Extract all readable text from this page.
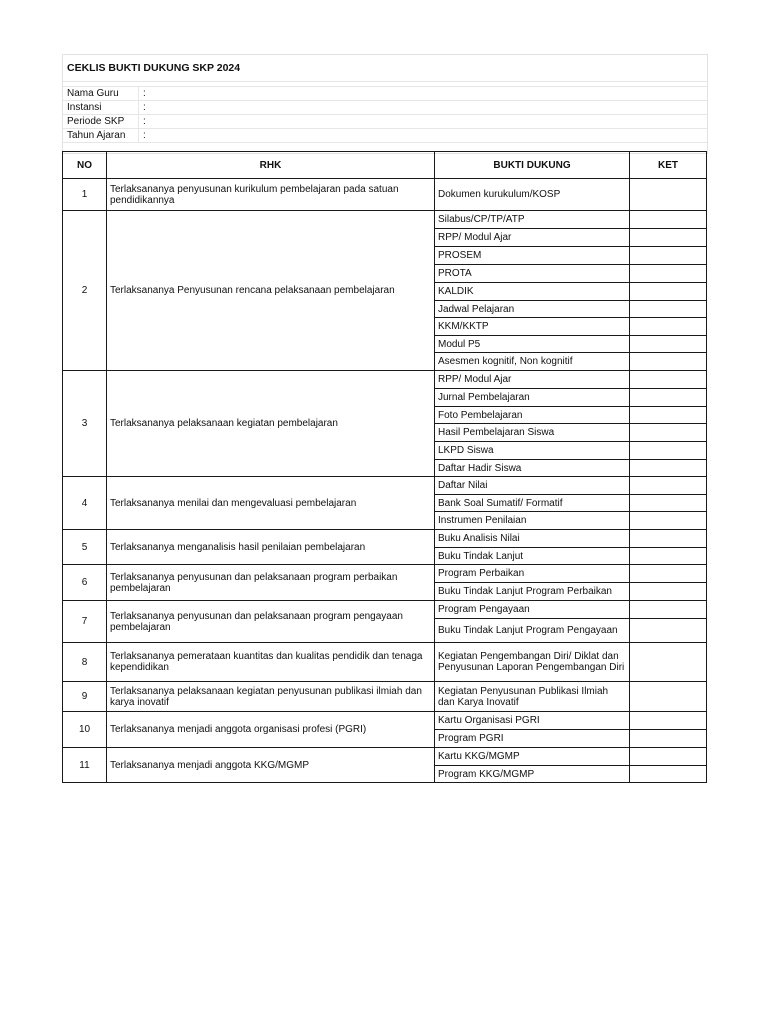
CEKLIS BUKTI DUKUNG SKP 2024
Nama Guru	:
Instansi	:
Periode SKP	:
Tahun Ajaran	:
NO	RHK	BUKTI DUKUNG	KET
1	Terlaksananya penyusunan kurikulum pembelajaran pada satuan pendidikannya	Dokumen kurukulum/KOSP	
2	Terlaksananya Penyusunan rencana pelaksanaan pembelajaran	Silabus/CP/TP/ATP	
		RPP/ Modul Ajar	
		PROSEM	
		PROTA	
		KALDIK	
		Jadwal Pelajaran	
		KKM/KKTP	
		Modul P5	
		Asesmen kognitif, Non kognitif	
3	Terlaksananya pelaksanaan kegiatan pembelajaran	RPP/ Modul Ajar	
		Jurnal Pembelajaran	
		Foto Pembelajaran	
		Hasil Pembelajaran Siswa	
		LKPD Siswa	
		Daftar Hadir Siswa	
4	Terlaksananya menilai dan mengevaluasi pembelajaran	Daftar Nilai	
		Bank Soal Sumatif/ Formatif	
		Instrumen Penilaian	
5	Terlaksananya menganalisis hasil penilaian pembelajaran	Buku Analisis Nilai	
		Buku Tindak Lanjut	
6	Terlaksananya penyusunan dan pelaksanaan program perbaikan pembelajaran	Program Perbaikan	
		Buku Tindak Lanjut Program Perbaikan	
7	Terlaksananya penyusunan dan pelaksanaan program pengayaan pembelajaran	Program Pengayaan	
		Buku Tindak Lanjut Program Pengayaan	
8	Terlaksananya pemerataan kuantitas dan kualitas pendidik dan tenaga kependidikan	Kegiatan Pengembangan Diri/ Diklat dan Penyusunan Laporan Pengembangan Diri	
9	Terlaksananya pelaksanaan kegiatan penyusunan publikasi ilmiah dan karya inovatif	Kegiatan Penyusunan Publikasi Ilmiah dan Karya Inovatif	
10	Terlaksananya menjadi anggota organisasi profesi (PGRI)	Kartu Organisasi PGRI	
		Program PGRI	
11	Terlaksananya menjadi anggota KKG/MGMP	Kartu KKG/MGMP	
		Program KKG/MGMP	
